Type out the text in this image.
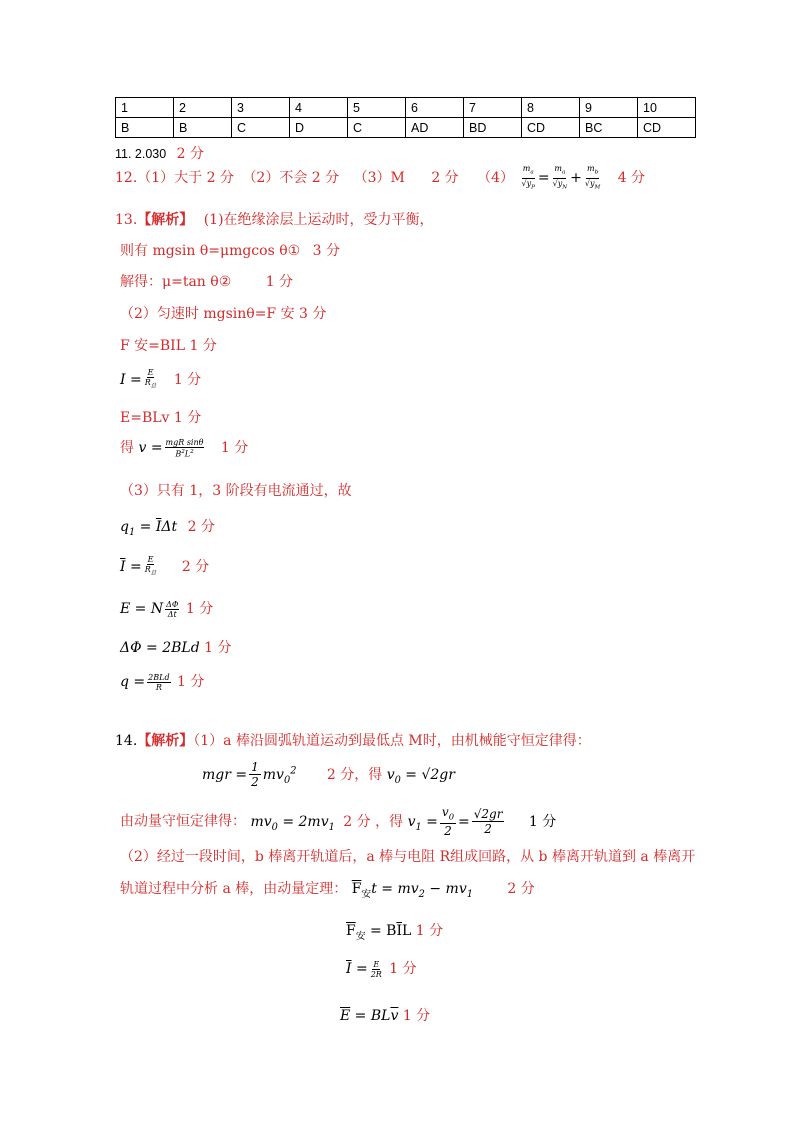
1	2	3	4	5	6	7	8	9	10
B	B	C	D	C	AD	BD	CD	BC	CD
11. 2.030 2 分
12.（1）大于 2 分 （2）不会 2 分 （3）M 2 分 $(4) \frac{m_a}{√y_P} = \frac{m_a}{√y_N} + \frac{m_b}{√y_M} 4$ 分
13.【解析】 (1)在绝缘涂层上运动时，受力平衡，
则有 mgsin θ=μmgcos θ① 3 分
解得：μ=tan θ② 1 分
（2）匀速时 mgsinθ=F 安 3 分
F 安=BIL 1 分
$I = \frac{E}{R_总} 1$ 分
E=BLv 1 分
得 $v = \frac{\text{mgR sinθ}}{B^2L^2} 1$ 分
（3）只有 1，3 阶段有电流通过，故
$q_1 = \overline{I}\Delta t$ 2 分
$\overline{I} = \frac{E}{R_总} 2$ 分
E = N $\frac{\Delta\Phi}{\Delta t} 1$ 分
ΔΦ = 2BLd 1 分
$q = \frac{\text{2BLd}}{R} 1$ 分
14.【解析】（1）a 棒沿圆弧轨道运动到最低点 M时，由机械能守恒定律得：
mgr = $\frac{1}{2} mv_0^2$ 2 分，得 $v_0 = √2gr$
由动量守恒定律得： $mv_0 = 2mv_1$ 2 分 ，得 $v_1 = \frac{v_0}{2} = \frac{√2gr}{2} 1$ 分
（2）经过一段时间，b 棒离开轨道后，a 棒与电阻 R组成回路，从 b 棒离开轨道到 a 棒离开
轨道过程中分析 a 棒，由动量定理： $\overline{F}_安t = mv_2 - mv_1$ 2 分
$\overline{F}_安 = B\overline{I}L$ 1 分
$\overline{I} = \frac{E}{2R} 1$ 分
$\overline{E} = BL\overline{v}$ 1 分
